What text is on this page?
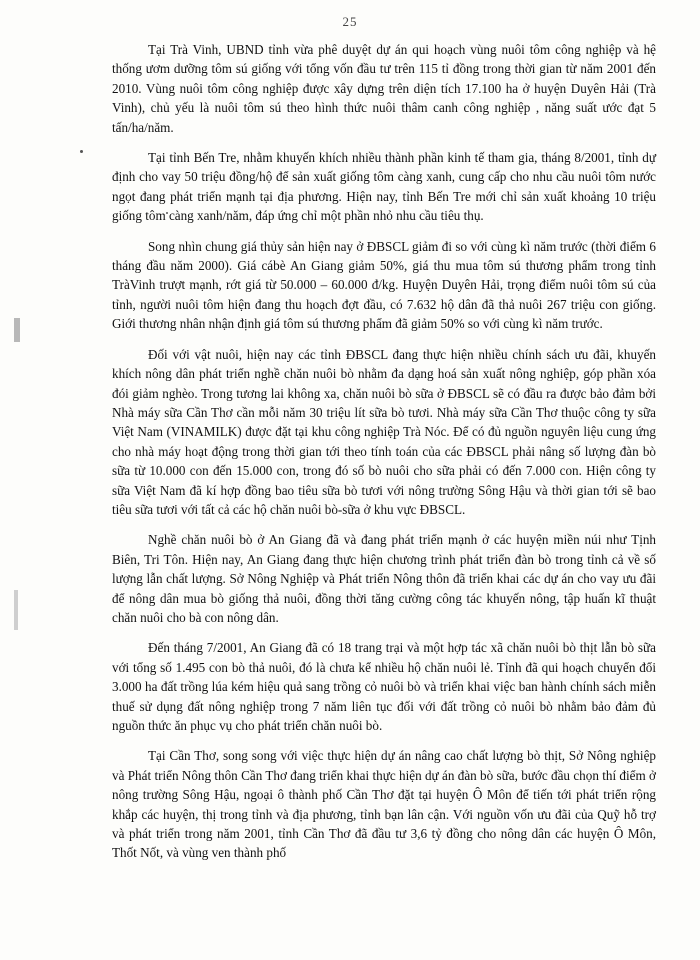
25

Tại Trà Vinh, UBND tỉnh vừa phê duyệt dự án qui hoạch vùng nuôi tôm công nghiệp và hệ thống ươm dưỡng tôm sú giống với tổng vốn đầu tư trên 115 tỉ đồng trong thời gian từ năm 2001 đến 2010. Vùng nuôi tôm công nghiệp được xây dựng trên diện tích 17.100 ha ở huyện Duyên Hải (Trà Vinh), chủ yếu là nuôi tôm sú theo hình thức nuôi thâm canh công nghiệp , năng suất ước đạt 5 tấn/ha/năm.

Tại tỉnh Bến Tre, nhằm khuyến khích nhiều thành phần kinh tế tham gia, tháng 8/2001, tỉnh dự định cho vay 50 triệu đồng/hộ để sản xuất giống tôm càng xanh, cung cấp cho nhu cầu nuôi tôm nước ngọt đang phát triển mạnh tại địa phương. Hiện nay, tỉnh Bến Tre mới chỉ sản xuất khoảng 10 triệu giống tôm càng xanh/năm, đáp ứng chỉ một phần nhỏ nhu cầu tiêu thụ.

Song nhìn chung giá thủy sản hiện nay ở ĐBSCL giảm đi so với cùng kì năm trước (thời điểm 6 tháng đầu năm 2000). Giá cábè An Giang giảm 50%, giá thu mua tôm sú thương phẩm trong tỉnh TràVinh trượt mạnh, rớt giá từ 50.000 – 60.000 đ/kg. Huyện Duyên Hải, trọng điểm nuôi tôm sú của tỉnh, người nuôi tôm hiện đang thu hoạch đợt đầu, có 7.632 hộ dân đã thả nuôi 267 triệu con giống. Giới thương nhân nhận định giá tôm sú thương phẩm đã giảm 50% so với cùng kì năm trước.

Đối với vật nuôi, hiện nay các tỉnh ĐBSCL đang thực hiện nhiều chính sách ưu đãi, khuyến khích nông dân phát triển nghề chăn nuôi bò nhằm đa dạng hoá sản xuất nông nghiệp, góp phần xóa đói giảm nghèo. Trong tương lai không xa, chăn nuôi bò sữa ở ĐBSCL sẽ có đầu ra được bảo đảm bởi Nhà máy sữa Cần Thơ cần mỗi năm 30 triệu lít sữa bò tươi. Nhà máy sữa Cần Thơ thuộc công ty sữa Việt Nam (VINAMILK) được đặt tại khu công nghiệp Trà Nóc. Để có đủ nguồn nguyên liệu cung ứng cho nhà máy hoạt động trong thời gian tới theo tính toán của các ĐBSCL phải nâng số lượng đàn bò sữa từ 10.000 con đến 15.000 con, trong đó số bò nuôi cho sữa phải có đến 7.000 con. Hiện công ty sữa Việt Nam đã kí hợp đồng bao tiêu sữa bò tươi với nông trường Sông Hậu và thời gian tới sẽ bao tiêu sữa tươi với tất cả các hộ chăn nuôi bò-sữa ở khu vực ĐBSCL.

Nghề chăn nuôi bò ở An Giang đã và đang phát triển mạnh ở các huyện miền núi như Tịnh Biên, Tri Tôn. Hiện nay, An Giang đang thực hiện chương trình phát triển đàn bò trong tỉnh cả về số lượng lẫn chất lượng. Sở Nông Nghiệp và Phát triển Nông thôn đã triển khai các dự án cho vay ưu đãi để nông dân mua bò giống thả nuôi, đồng thời tăng cường công tác khuyến nông, tập huấn kĩ thuật chăn nuôi cho bà con nông dân.

Đến tháng 7/2001, An Giang đã có 18 trang trại và một hợp tác xã chăn nuôi bò thịt lẫn bò sữa với tổng số 1.495 con bò thả nuôi, đó là chưa kể nhiều hộ chăn nuôi lẻ. Tỉnh đã qui hoạch chuyển đổi 3.000 ha đất trồng lúa kém hiệu quả sang trồng cỏ nuôi bò và triển khai việc ban hành chính sách miễn thuế sử dụng đất nông nghiệp trong 7 năm liên tục đối với đất trồng cỏ nuôi bò nhằm bảo đảm đủ nguồn thức ăn phục vụ cho phát triển chăn nuôi bò.

Tại Cần Thơ, song song với việc thực hiện dự án nâng cao chất lượng bò thịt, Sở Nông nghiệp và Phát triển Nông thôn Cần Thơ đang triển khai thực hiện dự án đàn bò sữa, bước đầu chọn thí điểm ở nông trường Sông Hậu, ngoại ô thành phố Cần Thơ đặt tại huyện Ô Môn để tiến tới phát triển rộng khắp các huyện, thị trong tỉnh và địa phương, tỉnh bạn lân cận. Với nguồn vốn ưu đãi của Quỹ hỗ trợ và phát triển trong năm 2001, tỉnh Cần Thơ đã đầu tư 3,6 tỷ đồng cho nông dân các huyện Ô Môn, Thốt Nốt, và vùng ven thành phố
